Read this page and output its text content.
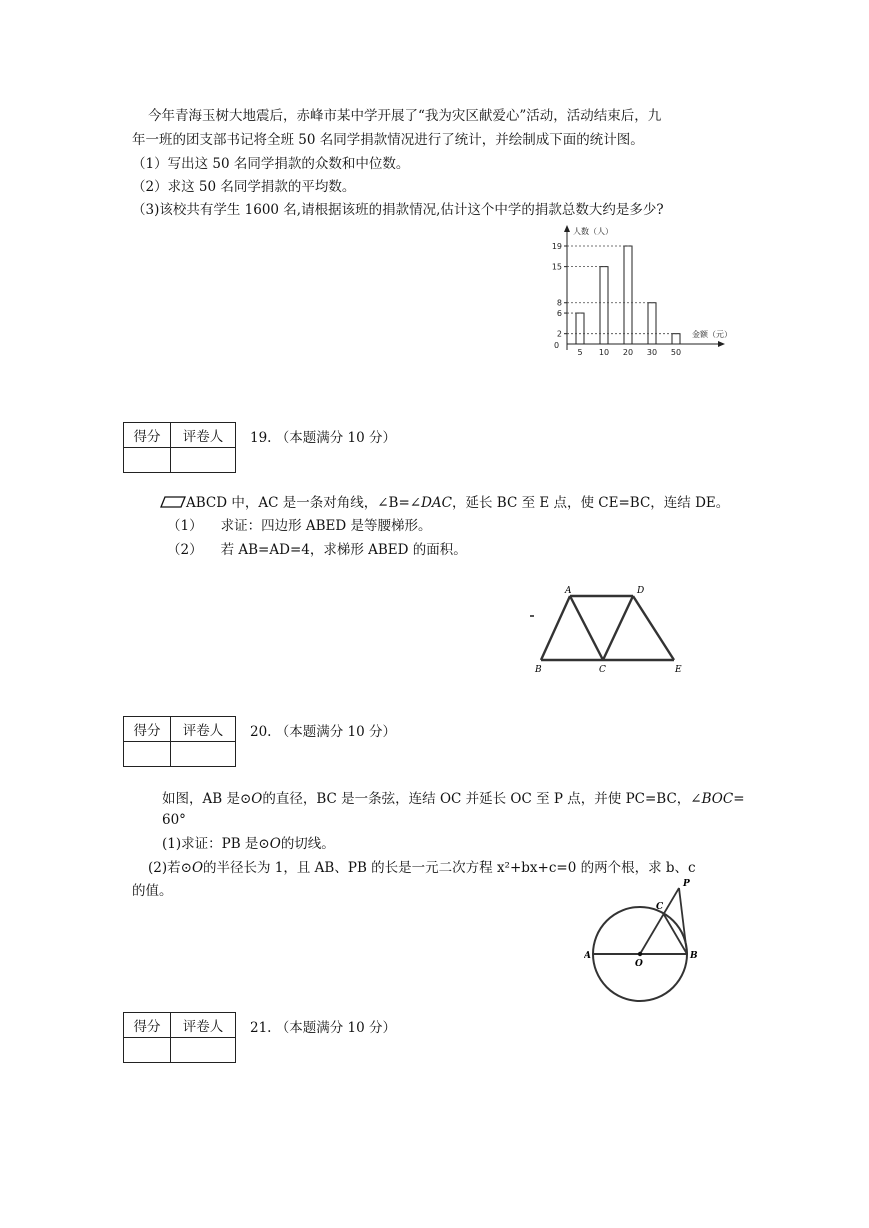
今年青海玉树大地震后，赤峰市某中学开展了“我为灾区献爱心”活动，活动结束后，九
年一班的团支部书记将全班 50 名同学捐款情况进行了统计，并绘制成下面的统计图。
（1）写出这 50 名同学捐款的众数和中位数。
（2）求这 50 名同学捐款的平均数。
（3)该校共有学生 1600 名,请根据该班的捐款情况,估计这个中学的捐款总数大约是多少?
人数（人）
金额（元）
0
5 10 20 30 50
2
6
8
15
19
得分	评卷人
	19. （本题满分 10 分）
ABCD 中，AC 是一条对角线，∠B=∠DAC，延长 BC 至 E 点，使 CE=BC，连结 DE。
（1） 求证：四边形 ABED 是等腰梯形。
（2） 若 AB=AD=4，求梯形 ABED 的面积。
A	D
B	C	E
得分	评卷人
	20. （本题满分 10 分）
如图，AB 是⊙O的直径，BC 是一条弦，连结 OC 并延长 OC 至 P 点，并使 PC=BC，∠BOC=
60°
(1)求证：PB 是⊙O的切线。
(2)若⊙O的半径长为 1，且 AB、PB 的长是一元二次方程 x²+bx+c=0 的两个根，求 b、c
的值。
A
O
B
C
P
得分	评卷人
	21. （本题满分 10 分）
